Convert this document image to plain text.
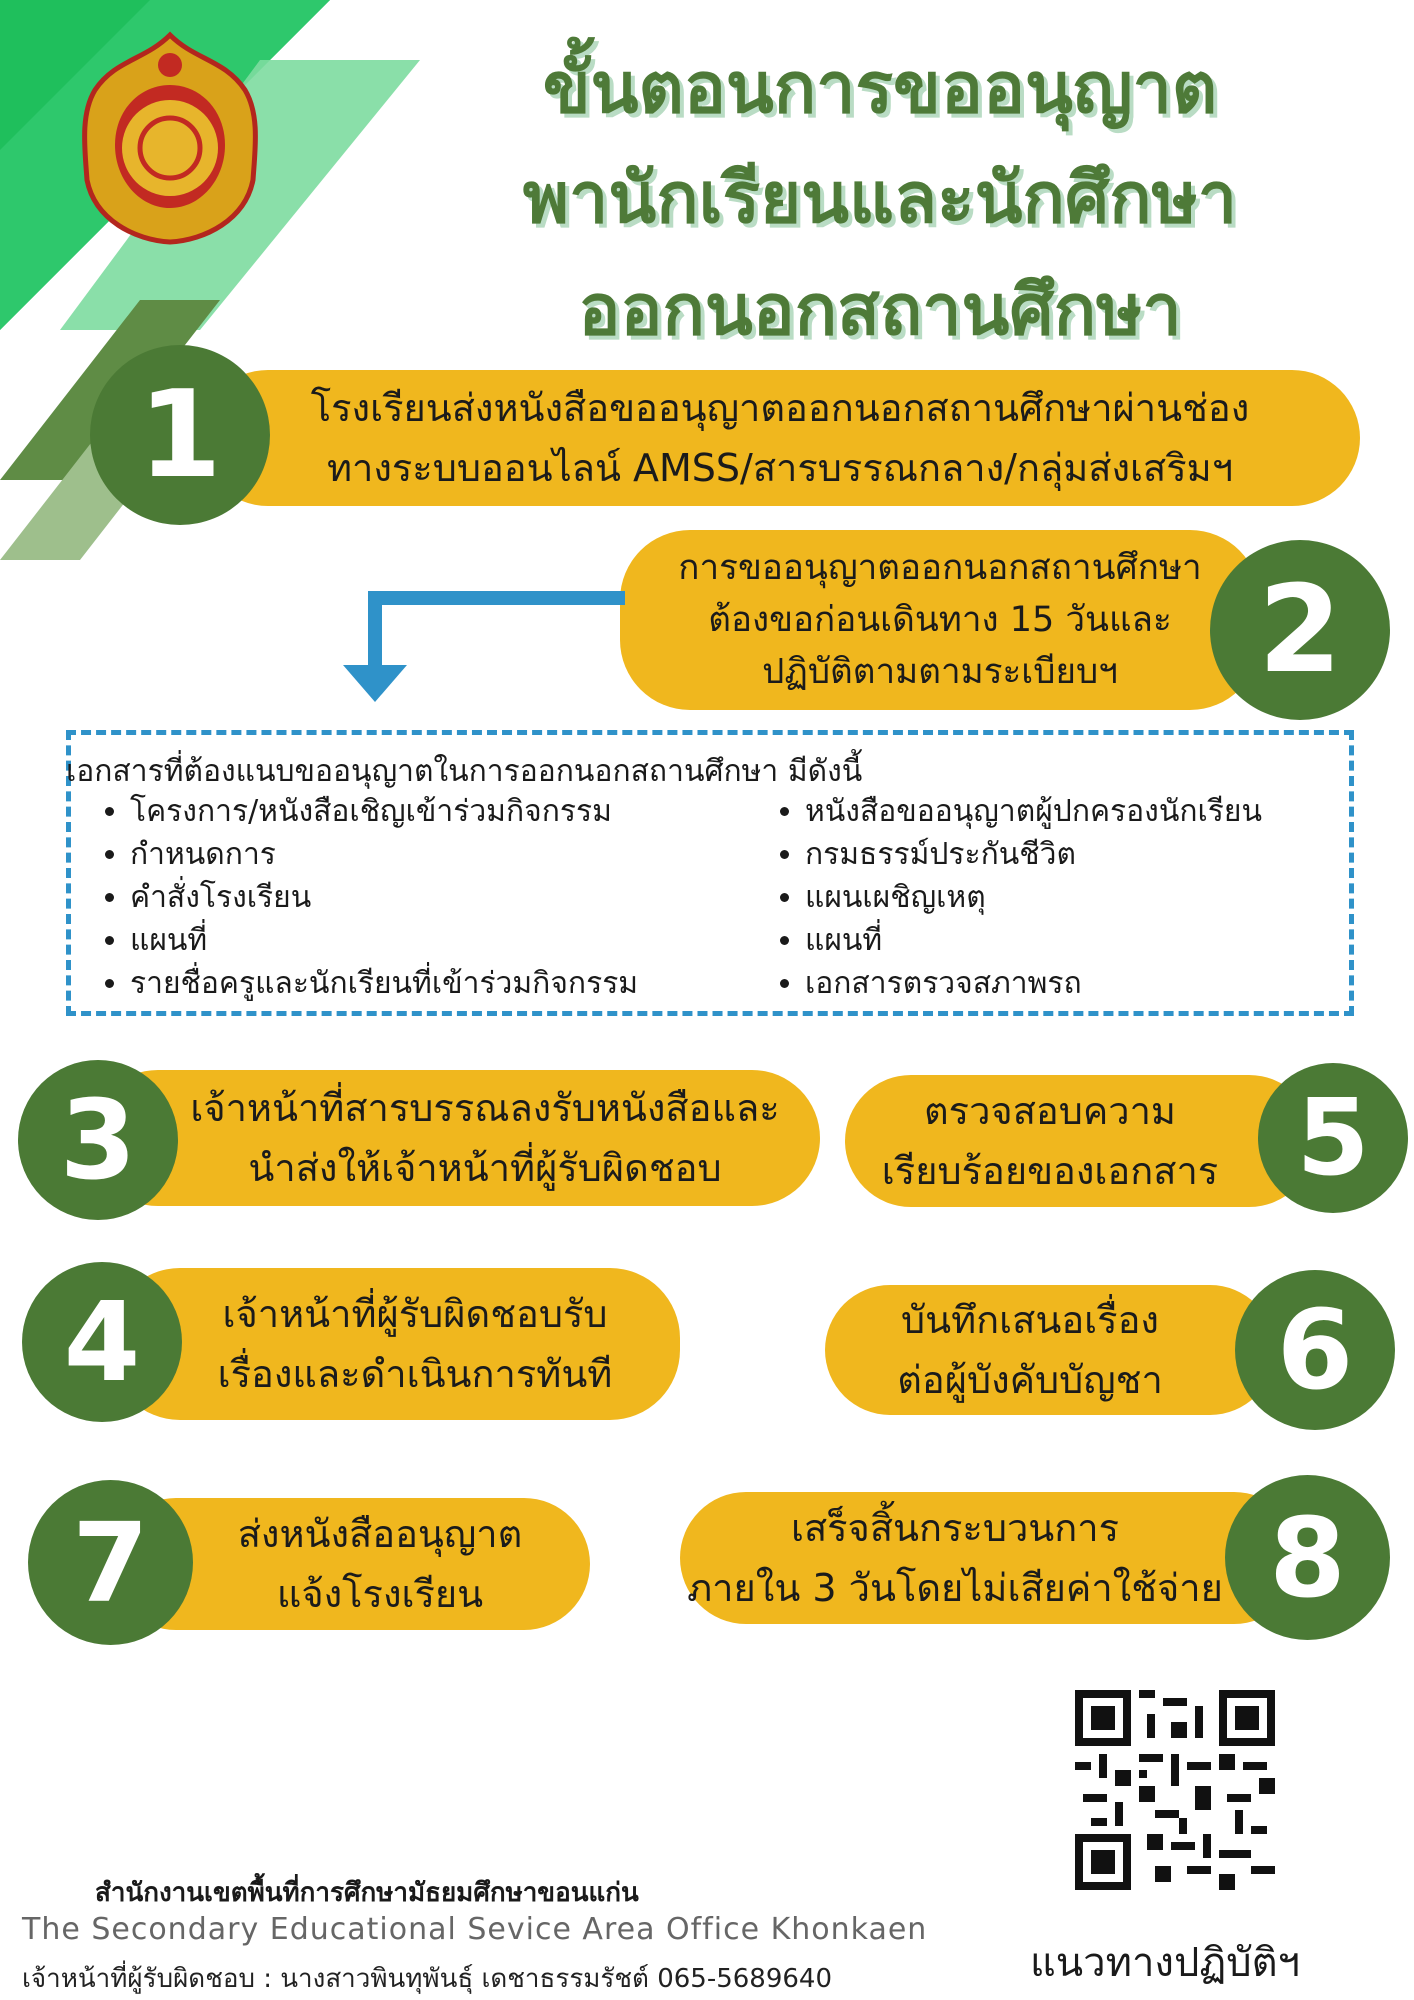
ขั้นตอนการขออนุญาต
พานักเรียนและนักศึกษา
ออกนอกสถานศึกษา
โรงเรียนส่งหนังสือขออนุญาตออกนอกสถานศึกษาผ่านช่อง
ทางระบบออนไลน์ AMSS/สารบรรณกลาง/กลุ่มส่งเสริมฯ
1
การขออนุญาตออกนอกสถานศึกษา
ต้องขอก่อนเดินทาง 15 วันและ
ปฏิบัติตามตามระเบียบฯ	2
เอกสารที่ต้องแนบขออนุญาตในการออกนอกสถานศึกษา มีดังนี้
• โครงการ/หนังสือเชิญเข้าร่วมกิจกรรม
• กำหนดการ
• คำสั่งโรงเรียน
• แผนที่
• รายชื่อครูและนักเรียนที่เข้าร่วมกิจกรรม
• หนังสือขออนุญาตผู้ปกครองนักเรียน
• กรมธรรม์ประกันชีวิต
• แผนเผชิญเหตุ
• แผนที่
• เอกสารตรวจสภาพรถ
เจ้าหน้าที่สารบรรณลงรับหนังสือและ
นำส่งให้เจ้าหน้าที่ผู้รับผิดชอบ
3	ตรวจสอบความ
เรียบร้อยของเอกสาร 5
เจ้าหน้าที่ผู้รับผิดชอบรับ
เรื่องและดำเนินการทันที
4	บันทึกเสนอเรื่อง
ต่อผู้บังคับบัญชา	6
ส่งหนังสืออนุญาต
แจ้งโรงเรียน
7	เสร็จสิ้นกระบวนการ
ภายใน 3 วันโดยไม่เสียค่าใช้จ่าย 8
แนวทางปฏิบัติฯ
สำนักงานเขตพื้นที่การศึกษามัธยมศึกษาขอนแก่น
The Secondary Educational Sevice Area Office Khonkaen
เจ้าหน้าที่ผู้รับผิดชอบ : นางสาวพินทุพันธุ์ เดชาธรรมรัชต์ 065-5689640
